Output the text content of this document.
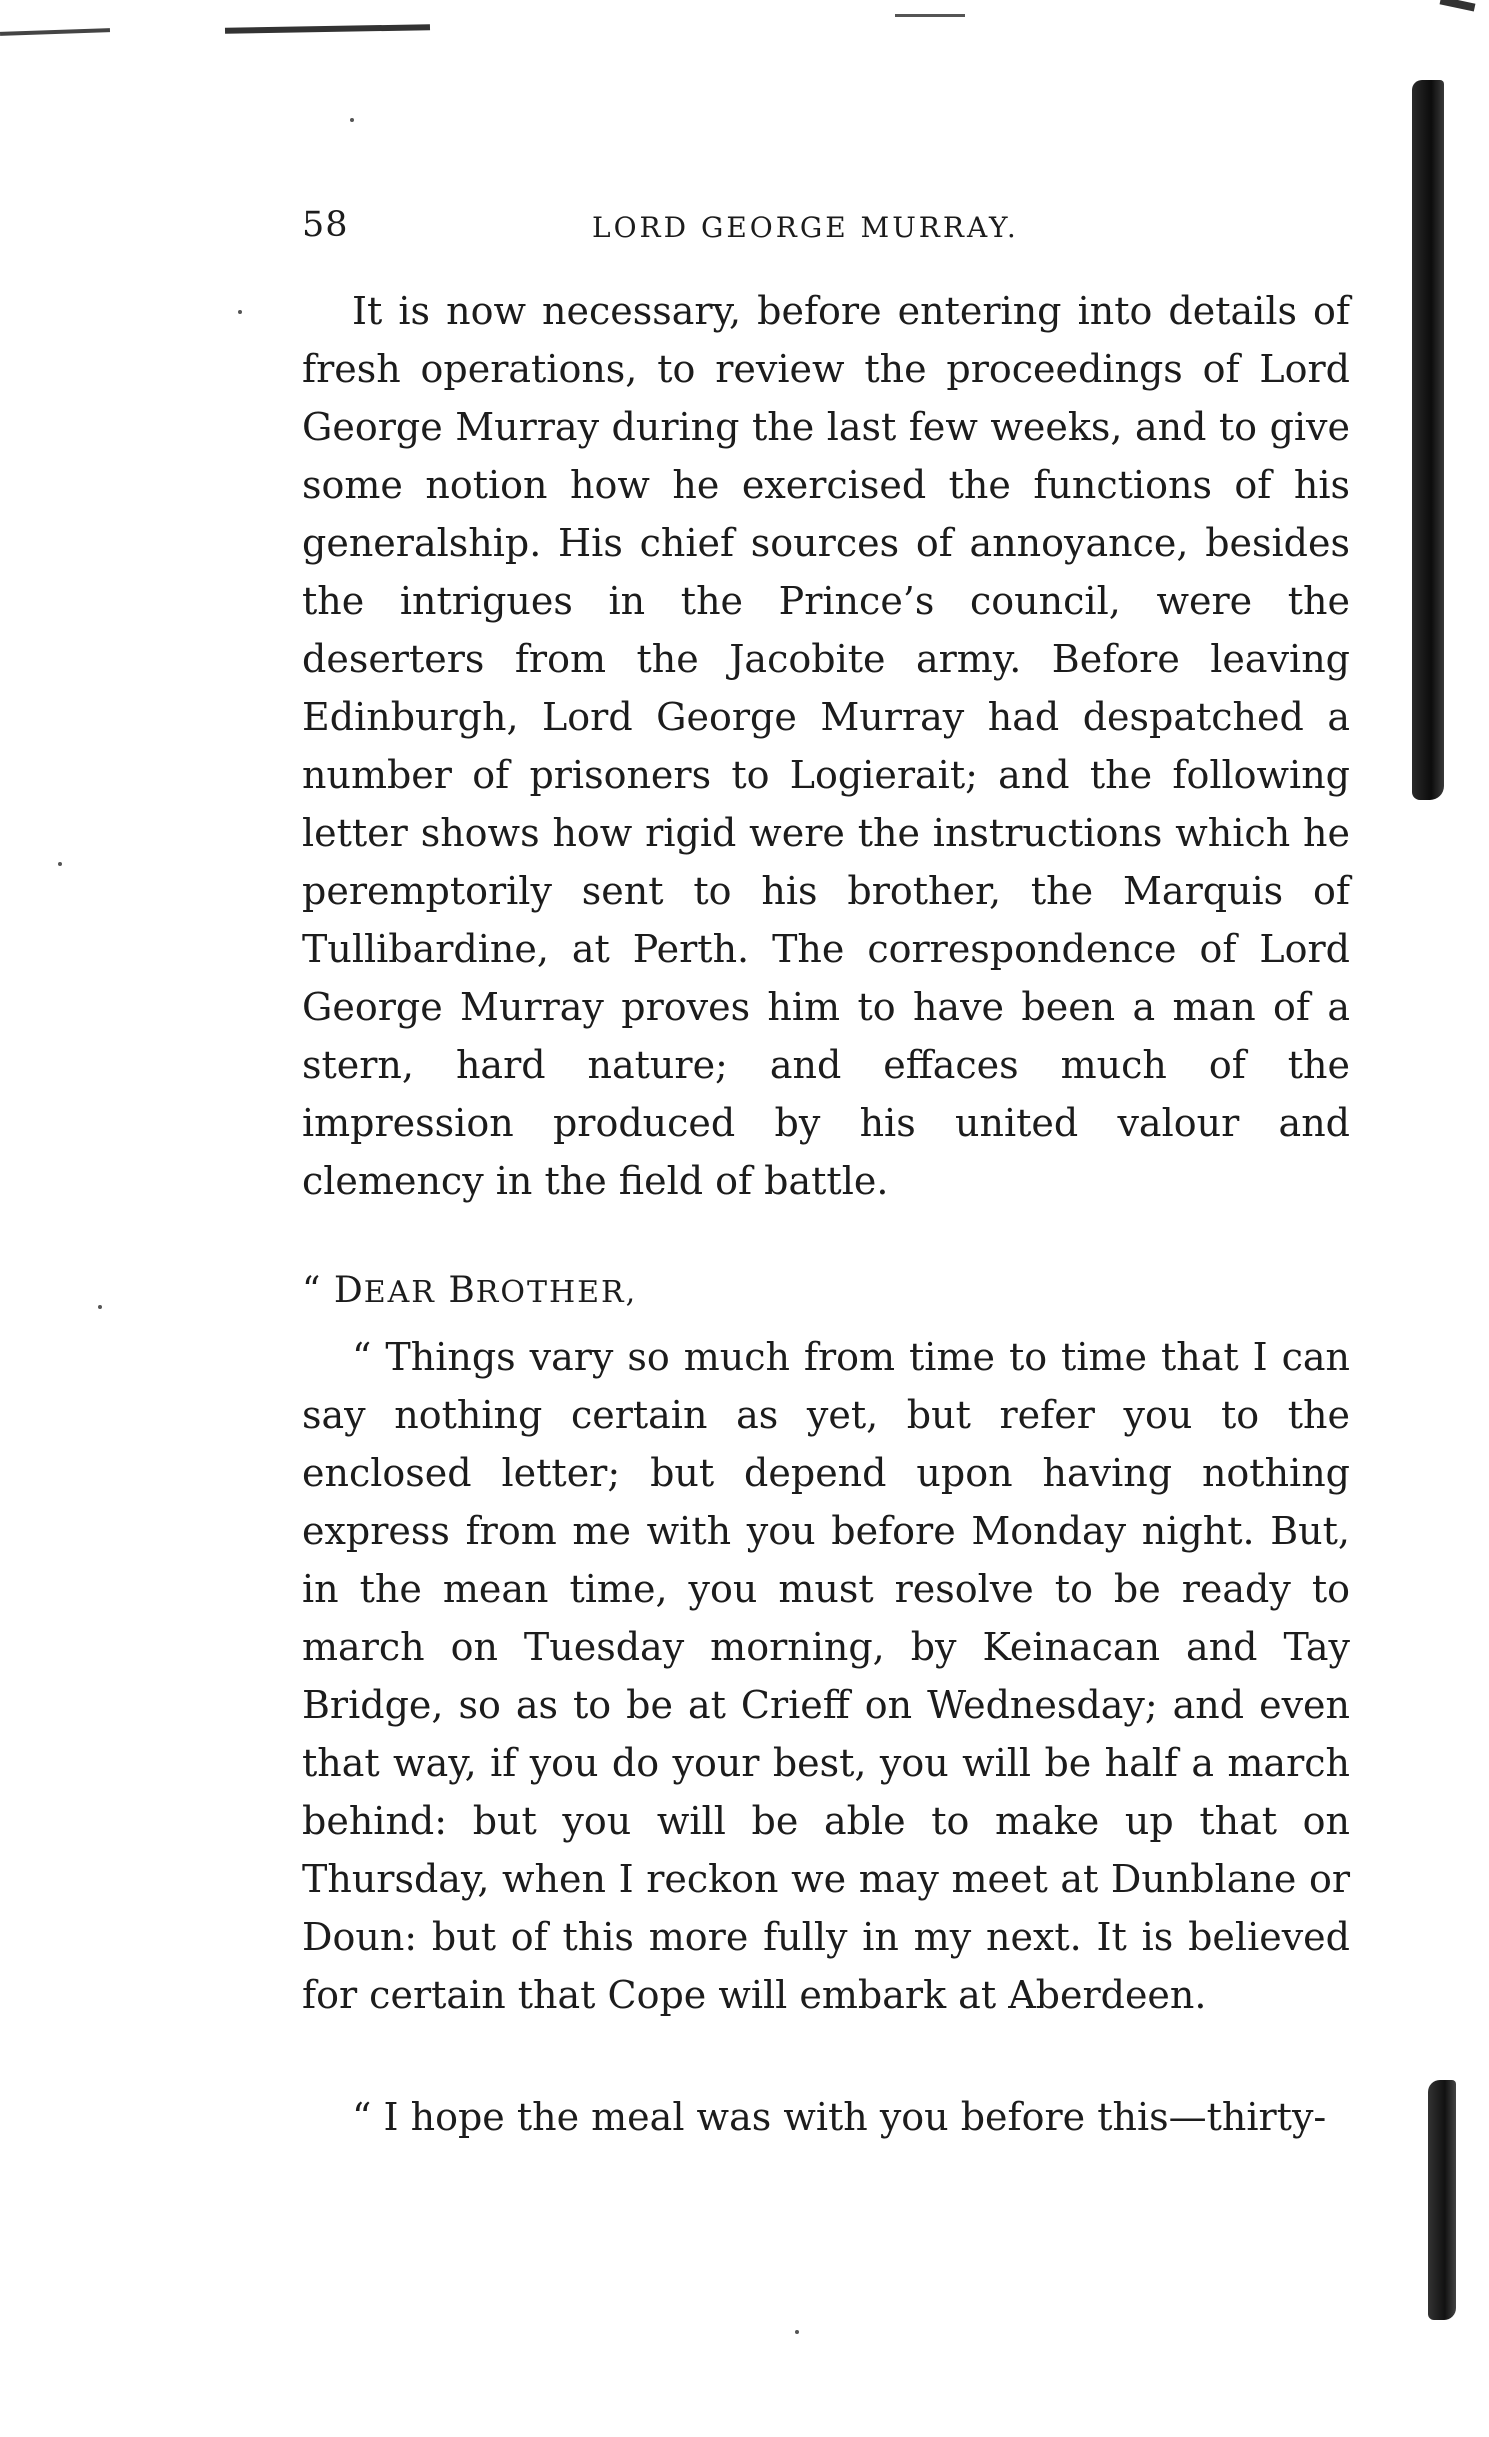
58	LORD GEORGE MURRAY.

It is now necessary, before entering into details of fresh operations, to review the proceedings of Lord George Murray during the last few weeks, and to give some notion how he exercised the functions of his generalship. His chief sources of annoyance, besides the intrigues in the Prince’s council, were the deserters from the Jacobite army. Before leaving Edinburgh, Lord George Murray had despatched a number of prisoners to Logierait; and the following letter shows how rigid were the instructions which he peremptorily sent to his brother, the Marquis of Tullibardine, at Perth. The correspondence of Lord George Murray proves him to have been a man of a stern, hard nature; and effaces much of the impression produced by his united valour and clemency in the field of battle.

“ DEAR BROTHER,

“ Things vary so much from time to time that I can say nothing certain as yet, but refer you to the enclosed letter; but depend upon having nothing express from me with you before Monday night. But, in the mean time, you must resolve to be ready to march on Tuesday morning, by Keinacan and Tay Bridge, so as to be at Crieff on Wednesday; and even that way, if you do your best, you will be half a march behind: but you will be able to make up that on Thursday, when I reckon we may meet at Dunblane or Doun: but of this more fully in my next. It is believed for certain that Cope will embark at Aberdeen.

“ I hope the meal was with you before this—thirty-
